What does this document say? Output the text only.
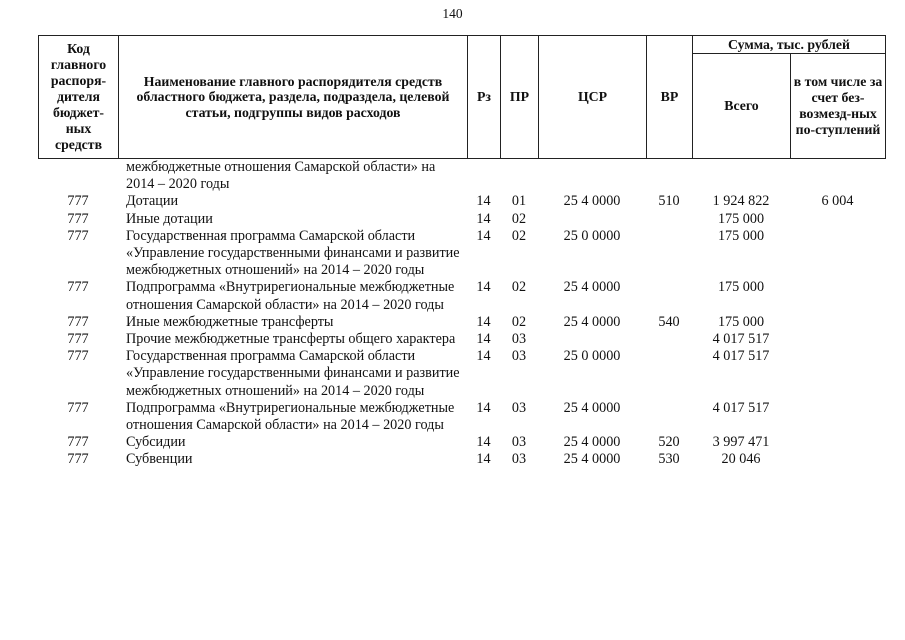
140
Код главного распоря-дителя бюджет-ных средств	Наименование главного распорядителя средств областного бюджета, раздела, подраздела, целевой статьи, подгруппы видов расходов	Рз	ПР	ЦСР	ВР	Сумма, тыс. рублей	
						Всего	в том числе за счет без-возмезд-ных по-ступлений
	межбюджетные отношения Самарской области» на 2014 – 2020 годы						
777	Дотации	14	01	25 4 0000	510	1 924 822	6 004
777	Иные дотации	14	02			175 000	
777	Государственная программа Самарской области «Управление государственными финансами и развитие межбюджетных отношений» на 2014 – 2020 годы	14	02	25 0 0000		175 000	
777	Подпрограмма «Внутрирегиональные межбюджетные отношения Самарской области» на 2014 – 2020 годы	14	02	25 4 0000		175 000	
777	Иные межбюджетные трансферты	14	02	25 4 0000	540	175 000	
777	Прочие межбюджетные трансферты общего характера	14	03			4 017 517	
777	Государственная программа Самарской области «Управление государственными финансами и развитие межбюджетных отношений» на 2014 – 2020 годы	14	03	25 0 0000		4 017 517	
777	Подпрограмма «Внутрирегиональные межбюджетные отношения Самарской области» на 2014 – 2020 годы	14	03	25 4 0000		4 017 517	
777	Субсидии	14	03	25 4 0000	520	3 997 471	
777	Субвенции	14	03	25 4 0000	530	20 046	
